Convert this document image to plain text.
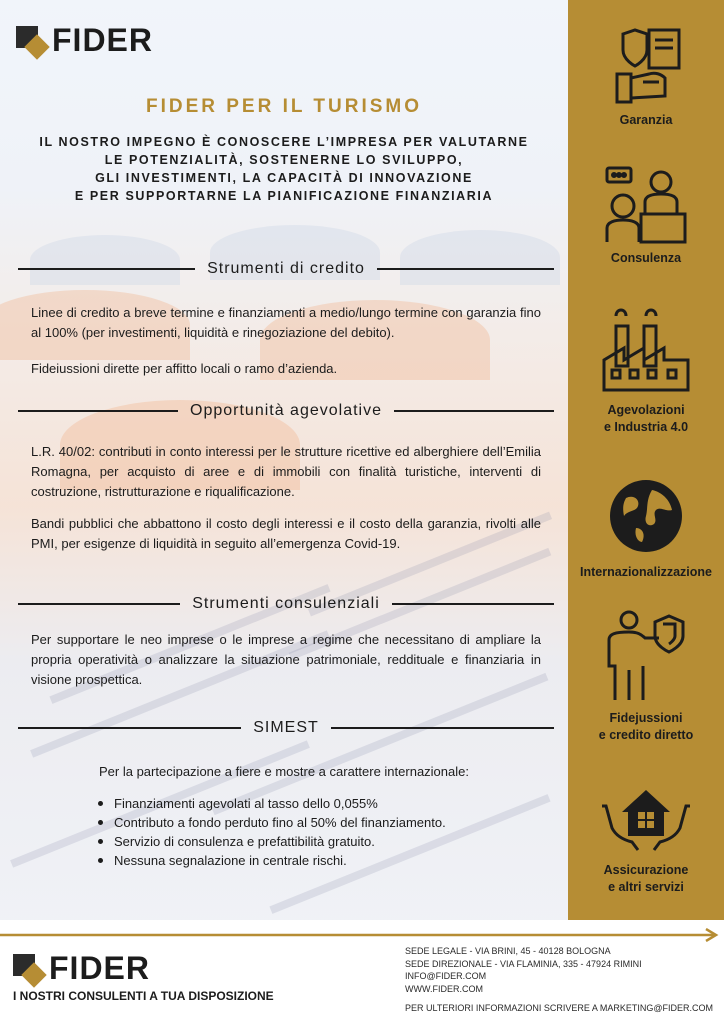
FIDER
FIDER PER IL TURISMO
IL NOSTRO IMPEGNO È CONOSCERE L’IMPRESA PER VALUTARNE
LE POTENZIALITÀ, SOSTENERNE LO SVILUPPO,
GLI INVESTIMENTI, LA CAPACITÀ DI INNOVAZIONE
E PER SUPPORTARNE LA PIANIFICAZIONE FINANZIARIA
Strumenti di credito
Linee di credito a breve termine e finanziamenti a medio/lungo termine con garanzia fino al 100% (per investimenti, liquidità e rinegoziazione del debito).
Fideiussioni dirette per affitto locali o ramo d’azienda.
Opportunità agevolative
L.R. 40/02: contributi in conto interessi per le strutture ricettive ed alberghiere dell’Emilia Romagna, per acquisto di aree e di immobili con finalità turistiche, interventi di costruzione, ristrutturazione e riqualificazione.
Bandi pubblici che abbattono il costo degli interessi e il costo della garanzia, rivolti alle PMI, per esigenze di liquidità in seguito all’emergenza Covid-19.
Strumenti consulenziali
Per supportare le neo imprese o le imprese a regime che necessitano di ampliare la propria operatività o analizzare la situazione patrimoniale, reddituale e finanziaria in visione prospettica.
SIMEST
Per la partecipazione a fiere e mostre a carattere internazionale:
Finanziamenti agevolati al tasso dello 0,055%
Contributo a fondo perduto fino al 50% del finanziamento.
Servizio di consulenza e prefattibilità gratuito.
Nessuna segnalazione in centrale rischi.
Garanzia
Consulenza
Agevolazioni
e Industria 4.0
Internazionalizzazione
Fidejussioni
e credito diretto
Assicurazione
e altri servizi
FIDER
I NOSTRI CONSULENTI A TUA DISPOSIZIONE
SEDE LEGALE - VIA BRINI, 45 - 40128 BOLOGNA
SEDE DIREZIONALE - VIA FLAMINIA, 335 - 47924 RIMINI
INFO@FIDER.COM
WWW.FIDER.COM
PER ULTERIORI INFORMAZIONI SCRIVERE A MARKETING@FIDER.COM
